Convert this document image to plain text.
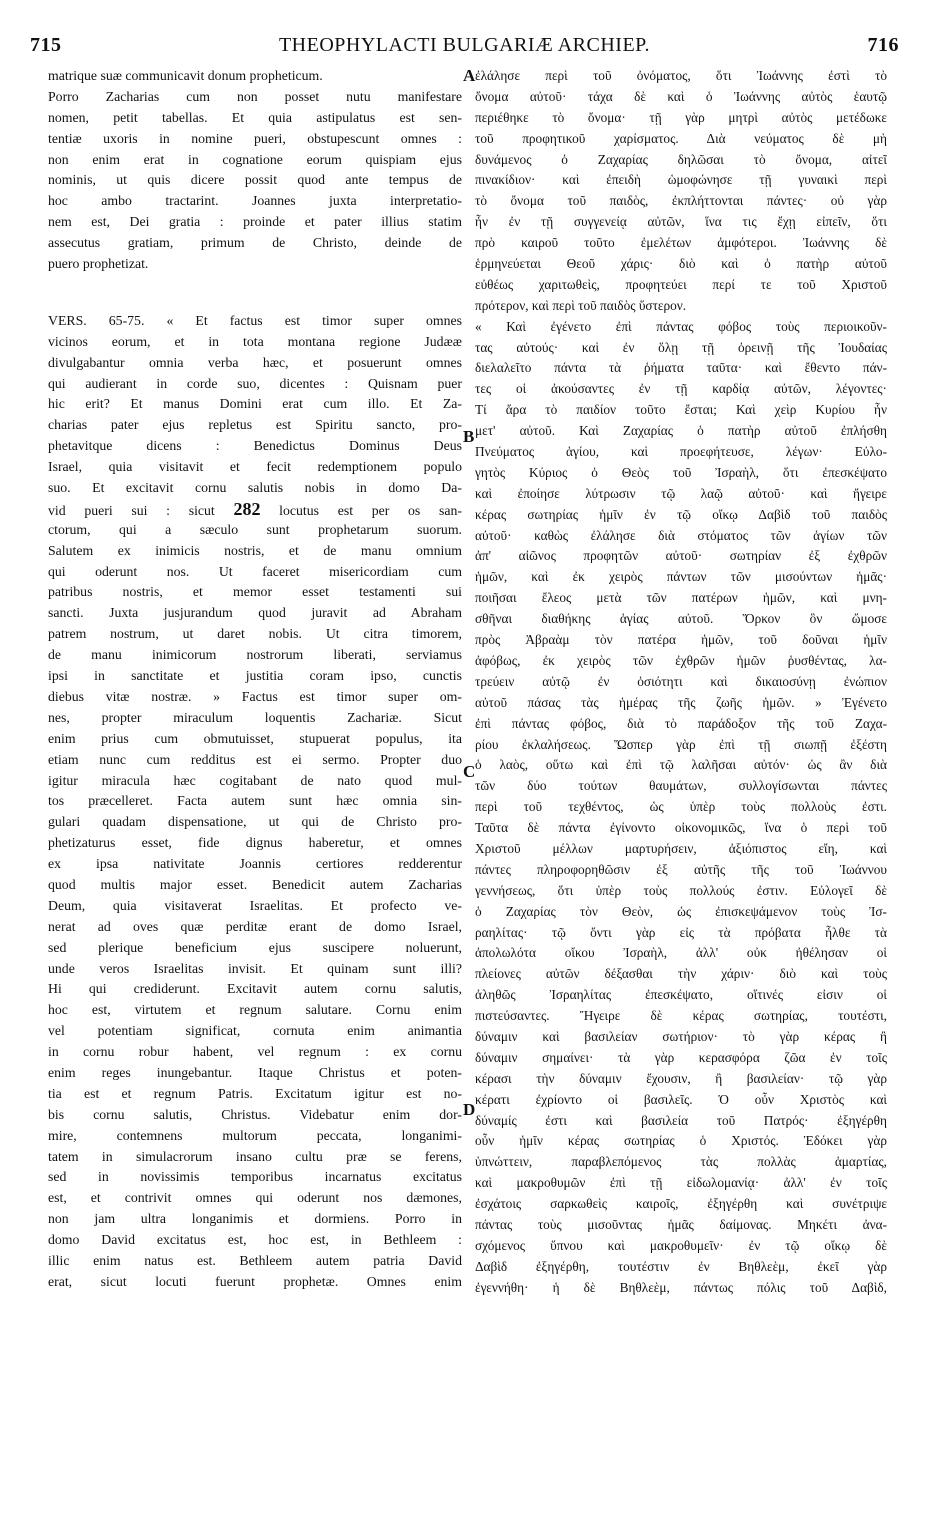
715	THEOPHYLACTI BULGARIÆ ARCHIEP.	716
matrique suæ communicavit donum propheticum.
Porro Zacharias cum non posset nutu manifestare
nomen, petit tabellas. Et quia astipulatus est sen-
tentiæ uxoris in nomine pueri, obstupescunt omnes :
non enim erat in cognatione eorum quispiam ejus
nominis, ut quis dicere possit quod ante tempus de
hoc ambo tractarint. Joannes juxta interpretatio-
nem est, Dei gratia : proinde et pater illius statim
assecutus gratiam, primum de Christo, deinde de
puero prophetizat.
VERS. 65-75. « Et factus est timor super omnes
vicinos eorum, et in tota montana regione Judææ
divulgabantur omnia verba hæc, et posuerunt omnes
qui audierant in corde suo, dicentes : Quisnam puer
hic erit? Et manus Domini erat cum illo. Et Za-
charias pater ejus repletus est Spiritu sancto, pro-
phetavitque dicens : Benedictus Dominus Deus
Israel, quia visitavit et fecit redemptionem populo
suo. Et excitavit cornu salutis nobis in domo Da-
vid pueri sui : sicut 282 locutus est per os san-
ctorum, qui a sæculo sunt prophetarum suorum.
Salutem ex inimicis nostris, et de manu omnium
qui oderunt nos. Ut faceret misericordiam cum
patribus nostris, et memor esset testamenti sui
sancti. Juxta jusjurandum quod juravit ad Abraham
patrem nostrum, ut daret nobis. Ut citra timorem,
de manu inimicorum nostrorum liberati, serviamus
ipsi in sanctitate et justitia coram ipso, cunctis
diebus vitæ nostræ. » Factus est timor super om-
nes, propter miraculum loquentis Zachariæ. Sicut
enim prius cum obmutuisset, stupuerat populus, ita
etiam nunc cum redditus est ei sermo. Propter duo
igitur miracula hæc cogitabant de nato quod mul-
tos præcelleret. Facta autem sunt hæc omnia sin-
gulari quadam dispensatione, ut qui de Christo pro-
phetizaturus esset, fide dignus haberetur, et omnes
ex ipsa nativitate Joannis certiores redderentur
quod multis major esset. Benedicit autem Zacharias
Deum, quia visitaverat Israelitas. Et profecto ve-
nerat ad oves quæ perditæ erant de domo Israel,
sed plerique beneficium ejus suscipere noluerunt,
unde veros Israelitas invisit. Et quinam sunt illi?
Hi qui crediderunt. Excitavit autem cornu salutis,
hoc est, virtutem et regnum salutare. Cornu enim
vel potentiam significat, cornuta enim animantia
in cornu robur habent, vel regnum : ex cornu
enim reges inungebantur. Itaque Christus et poten-
tia est et regnum Patris. Excitatum igitur est no-
bis cornu salutis, Christus. Videbatur enim dor-
mire, contemnens multorum peccata, longanimi-
tatem in simulacrorum insano cultu præ se ferens,
sed in novissimis temporibus incarnatus excitatus
est, et contrivit omnes qui oderunt nos dæmones,
non jam ultra longanimis et dormiens. Porro in
domo David excitatus est, hoc est, in Bethleem :
illic enim natus est. Bethleem autem patria David
erat, sicut locuti fuerunt prophetæ. Omnes enim
ἐλάλησε περὶ τοῦ ὀνόματος, ὅτι Ἰωάννης ἐστὶ τὸ
ὄνομα αὐτοῦ· τάχα δὲ καὶ ὁ Ἰωάννης αὐτὸς ἑαυτῷ
περιέθηκε τὸ ὄνομα· τῇ γὰρ μητρὶ αὐτὸς μετέδωκε
τοῦ προφητικοῦ χαρίσματος. Διὰ νεύματος δὲ μὴ
δυνάμενος ὁ Ζαχαρίας δηλῶσαι τὸ ὄνομα, αἰτεῖ
πινακίδιον· καὶ ἐπειδὴ ὡμοφώνησε τῇ γυναικὶ περὶ
τὸ ὄνομα τοῦ παιδὸς, ἐκπλήττονται πάντες· οὐ γὰρ
ἦν ἐν τῇ συγγενείᾳ αὐτῶν, ἵνα τις ἔχῃ εἰπεῖν, ὅτι
πρὸ καιροῦ τοῦτο ἐμελέτων ἀμφότεροι. Ἰωάννης δὲ
ἑρμηνεύεται Θεοῦ χάρις· διὸ καὶ ὁ πατὴρ αὐτοῦ
εὐθέως χαριτωθεὶς, προφητεύει περί τε τοῦ Χριστοῦ
πρότερον, καὶ περὶ τοῦ παιδὸς ὕστερον.
« Καὶ ἐγένετο ἐπὶ πάντας φόβος τοὺς περιοικοῦν-
τας αὐτούς· καὶ ἐν ὅλῃ τῇ ὀρεινῇ τῆς Ἰουδαίας
διελαλεῖτο πάντα τὰ ῥήματα ταῦτα· καὶ ἔθεντο πάν-
τες οἱ ἀκούσαντες ἐν τῇ καρδίᾳ αὐτῶν, λέγοντες·
Τί ἄρα τὸ παιδίον τοῦτο ἔσται; Καὶ χεὶρ Κυρίου ἦν
μετ' αὐτοῦ. Καὶ Ζαχαρίας ὁ πατὴρ αὐτοῦ ἐπλήσθη
Πνεύματος ἁγίου, καὶ προεφήτευσε, λέγων· Εὐλο-
γητὸς Κύριος ὁ Θεὸς τοῦ Ἰσραὴλ, ὅτι ἐπεσκέψατο
καὶ ἐποίησε λύτρωσιν τῷ λαῷ αὐτοῦ· καὶ ἤγειρε
κέρας σωτηρίας ἡμῖν ἐν τῷ οἴκῳ Δαβὶδ τοῦ παιδὸς
αὐτοῦ· καθὼς ἐλάλησε διὰ στόματος τῶν ἁγίων τῶν
ἀπ' αἰῶνος προφητῶν αὐτοῦ· σωτηρίαν ἐξ ἐχθρῶν
ἡμῶν, καὶ ἐκ χειρὸς πάντων τῶν μισούντων ἡμᾶς·
ποιῆσαι ἔλεος μετὰ τῶν πατέρων ἡμῶν, καὶ μνη-
σθῆναι διαθήκης ἁγίας αὐτοῦ. Ὅρκον ὃν ὤμοσε
πρὸς Ἀβραὰμ τὸν πατέρα ἡμῶν, τοῦ δοῦναι ἡμῖν
ἀφόβως, ἐκ χειρὸς τῶν ἐχθρῶν ἡμῶν ῥυσθέντας, λα-
τρεύειν αὐτῷ ἐν ὁσιότητι καὶ δικαιοσύνῃ ἐνώπιον
αὐτοῦ πάσας τὰς ἡμέρας τῆς ζωῆς ἡμῶν. » Ἐγένετο
ἐπὶ πάντας φόβος, διὰ τὸ παράδοξον τῆς τοῦ Ζαχα-
ρίου ἐκλαλήσεως. Ὥσπερ γὰρ ἐπὶ τῇ σιωπῇ ἐξέστη
ὁ λαὸς, οὕτω καὶ ἐπὶ τῷ λαλῆσαι αὐτόν· ὡς ἂν διὰ
τῶν δύο τούτων θαυμάτων, συλλογίσωνται πάντες
περὶ τοῦ τεχθέντος, ὡς ὑπὲρ τοὺς πολλοὺς ἐστι.
Ταῦτα δὲ πάντα ἐγίνοντο οἰκονομικῶς, ἵνα ὁ περὶ τοῦ
Χριστοῦ μέλλων μαρτυρήσειν, ἀξιόπιστος εἴη, καὶ
πάντες πληροφορηθῶσιν ἐξ αὐτῆς τῆς τοῦ Ἰωάννου
γεννήσεως, ὅτι ὑπὲρ τοὺς πολλούς ἐστιν. Εὐλογεῖ δὲ
ὁ Ζαχαρίας τὸν Θεὸν, ὡς ἐπισκεψάμενον τοὺς Ἰσ-
ραηλίτας· τῷ ὄντι γὰρ εἰς τὰ πρόβατα ἦλθε τὰ
ἀπολωλότα οἴκου Ἰσραὴλ, ἀλλ' οὐκ ἠθέλησαν οἱ
πλείονες αὐτῶν δέξασθαι τὴν χάριν· διὸ καὶ τοὺς
ἀληθῶς Ἰσραηλίτας ἐπεσκέψατο, οἵτινές εἰσιν οἱ
πιστεύσαντες. Ἤγειρε δὲ κέρας σωτηρίας, τουτέστι,
δύναμιν καὶ βασιλείαν σωτήριον· τὸ γὰρ κέρας ἢ
δύναμιν σημαίνει· τὰ γὰρ κερασφόρα ζῶα ἐν τοῖς
κέρασι τὴν δύναμιν ἔχουσιν, ἢ βασιλείαν· τῷ γὰρ
κέρατι ἐχρίοντο οἱ βασιλεῖς. Ὁ οὖν Χριστὸς καὶ
δύναμίς ἐστι καὶ βασιλεία τοῦ Πατρός· ἐξηγέρθη
οὖν ἡμῖν κέρας σωτηρίας ὁ Χριστός. Ἐδόκει γὰρ
ὑπνώττειν, παραβλεπόμενος τὰς πολλὰς ἁμαρτίας,
καὶ μακροθυμῶν ἐπὶ τῇ εἰδωλομανίᾳ· ἀλλ' ἐν τοῖς
ἐσχάτοις σαρκωθεὶς καιροῖς, ἐξηγέρθη καὶ συνέτριψε
πάντας τοὺς μισοῦντας ἡμᾶς δαίμονας. Μηκέτι ἀνα-
σχόμενος ὕπνου καὶ μακροθυμεῖν· ἐν τῷ οἴκῳ δὲ
Δαβὶδ ἐξηγέρθη, τουτέστιν ἐν Βηθλεὲμ, ἐκεῖ γὰρ
ἐγεννήθη· ἡ δὲ Βηθλεὲμ, πάντως πόλις τοῦ Δαβὶδ,
A
B
C
D
